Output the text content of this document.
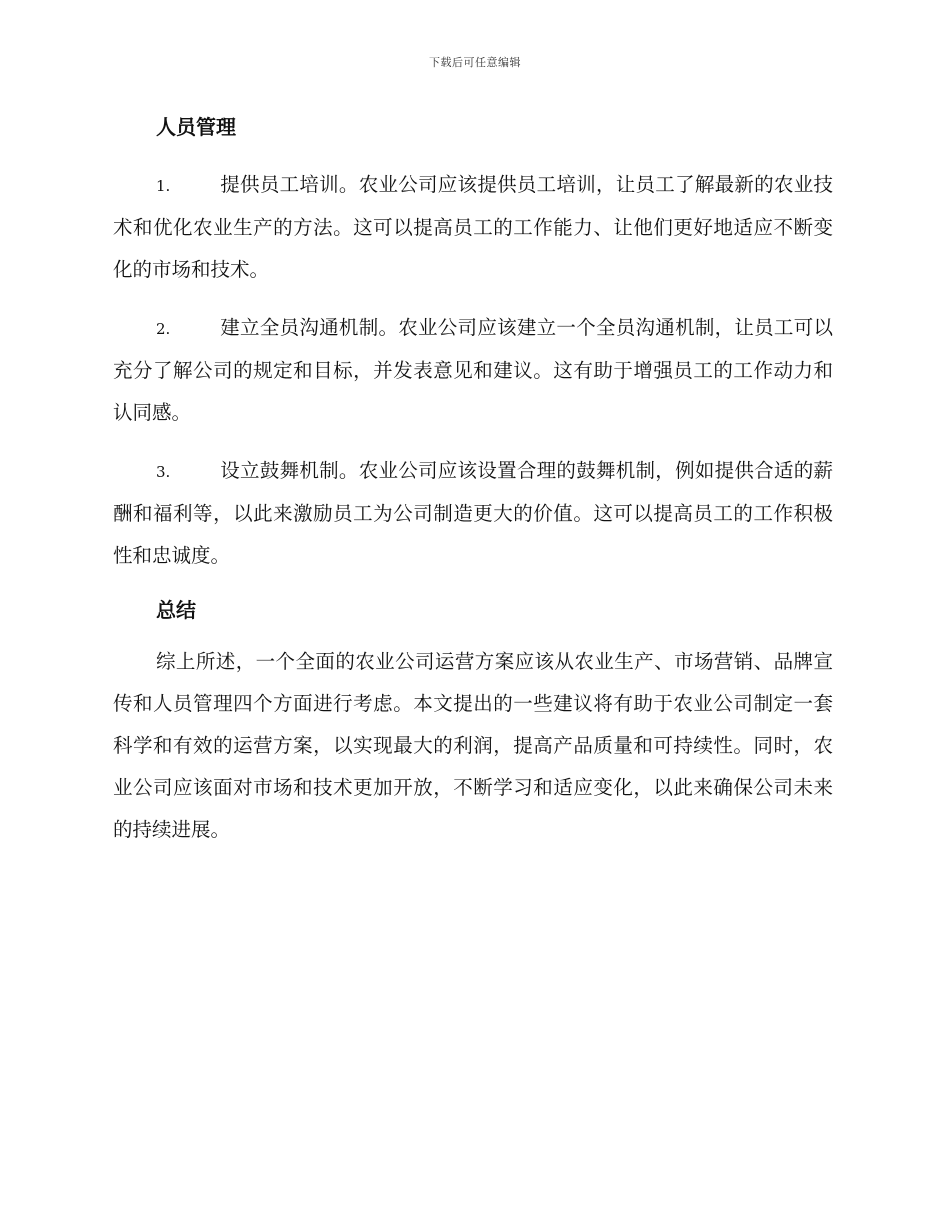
下载后可任意编辑
人员管理

1.	提供员工培训。农业公司应该提供员工培训，让员工了解最新的农业技术和优化农业生产的方法。这可以提高员工的工作能力、让他们更好地适应不断变化的市场和技术。

2.	建立全员沟通机制。农业公司应该建立一个全员沟通机制，让员工可以充分了解公司的规定和目标，并发表意见和建议。这有助于增强员工的工作动力和认同感。

3.	设立鼓舞机制。农业公司应该设置合理的鼓舞机制，例如提供合适的薪酬和福利等，以此来激励员工为公司制造更大的价值。这可以提高员工的工作积极性和忠诚度。

总结

综上所述，一个全面的农业公司运营方案应该从农业生产、市场营销、品牌宣传和人员管理四个方面进行考虑。本文提出的一些建议将有助于农业公司制定一套科学和有效的运营方案，以实现最大的利润，提高产品质量和可持续性。同时，农业公司应该面对市场和技术更加开放，不断学习和适应变化，以此来确保公司未来的持续进展。
